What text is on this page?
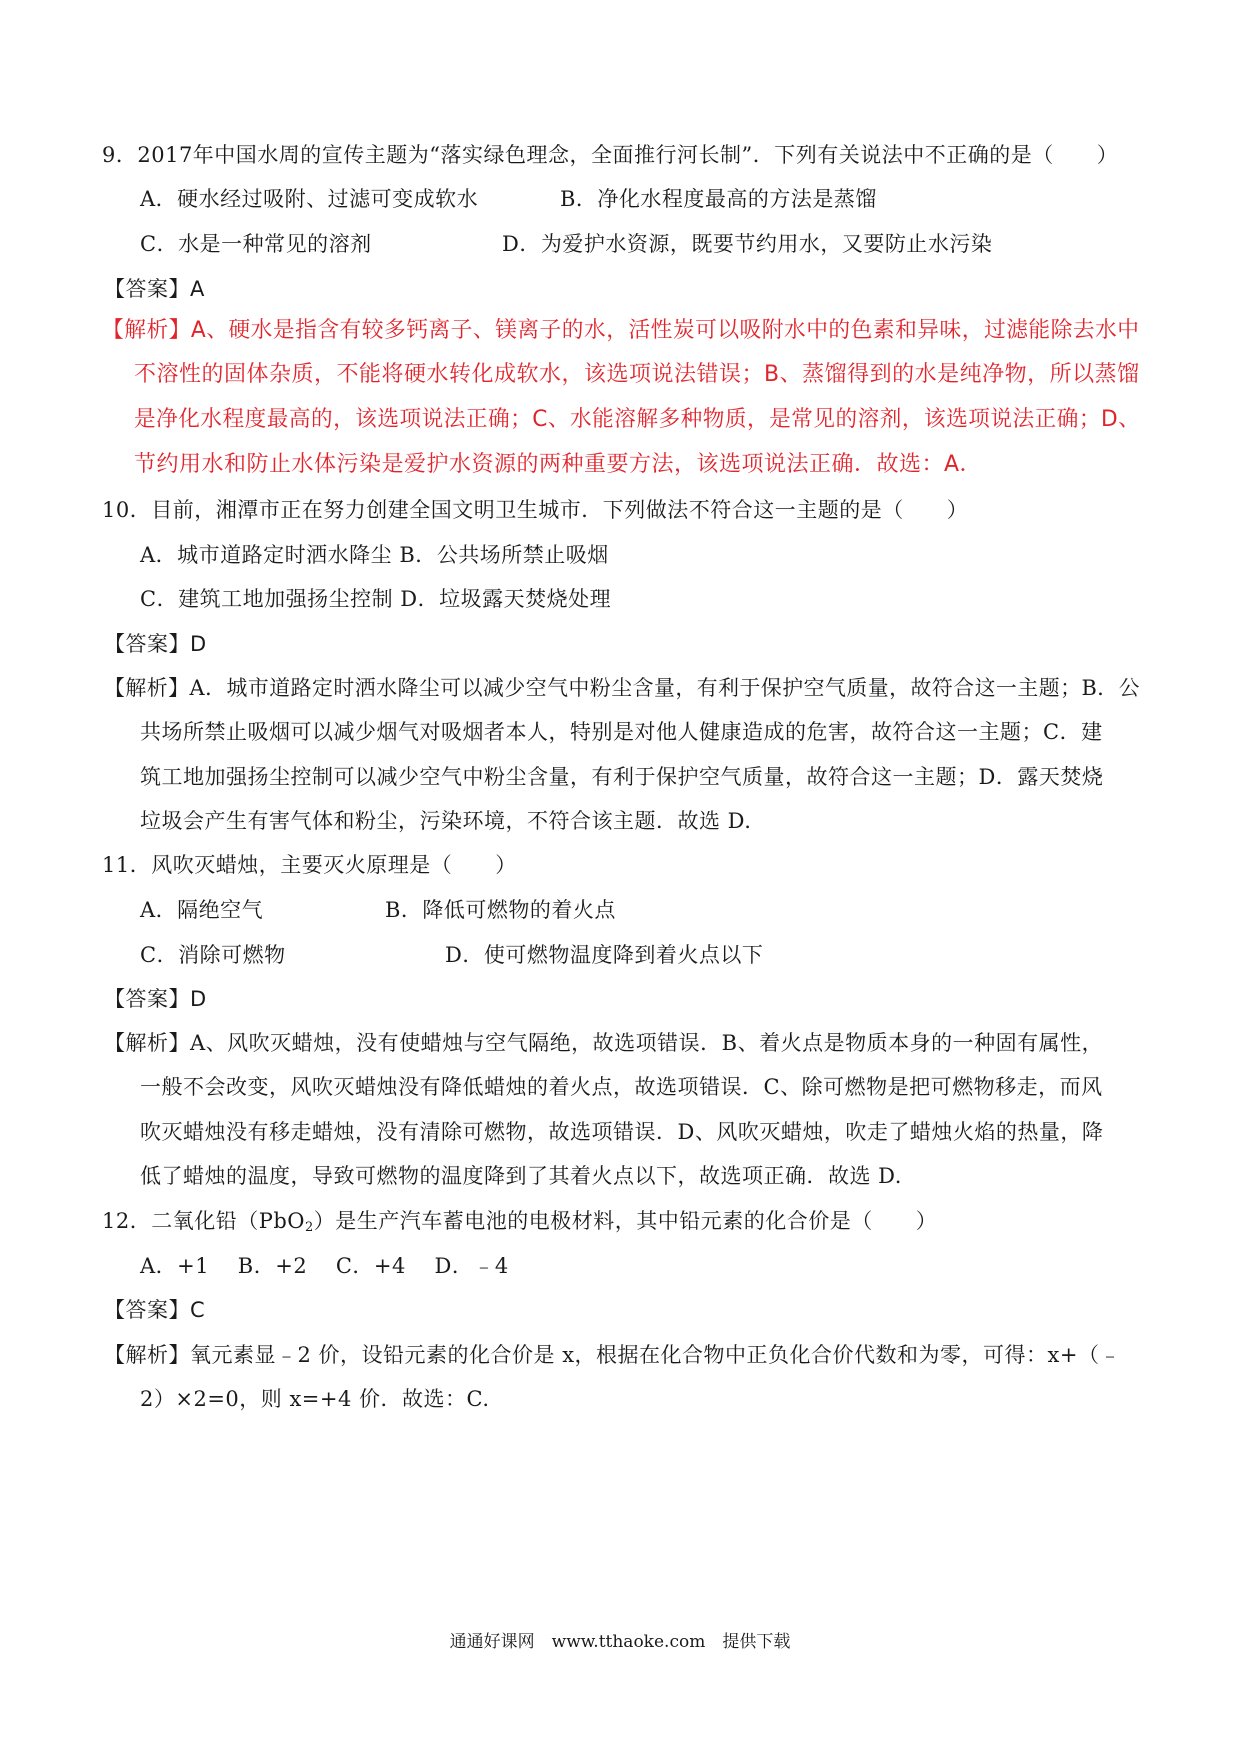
9．2017年中国水周的宣传主题为“落实绿色理念，全面推行河长制”．下列有关说法中不正确的是（　　）
A．硬水经过吸附、过滤可变成软水	B．净化水程度最高的方法是蒸馏
C．水是一种常见的溶剂	D．为爱护水资源，既要节约用水，又要防止水污染
【答案】A
【解析】A、硬水是指含有较多钙离子、镁离子的水，活性炭可以吸附水中的色素和异味，过滤能除去水中
不溶性的固体杂质，不能将硬水转化成软水，该选项说法错误；B、蒸馏得到的水是纯净物，所以蒸馏
是净化水程度最高的，该选项说法正确；C、水能溶解多种物质，是常见的溶剂，该选项说法正确；D、
节约用水和防止水体污染是爱护水资源的两种重要方法，该选项说法正确．故选：A．
10．目前，湘潭市正在努力创建全国文明卫生城市．下列做法不符合这一主题的是（　　）
A．城市道路定时洒水降尘 B．公共场所禁止吸烟
C．建筑工地加强扬尘控制 D．垃圾露天焚烧处理
【答案】D
【解析】A．城市道路定时洒水降尘可以减少空气中粉尘含量，有利于保护空气质量，故符合这一主题；B．公
共场所禁止吸烟可以减少烟气对吸烟者本人，特别是对他人健康造成的危害，故符合这一主题；C．建
筑工地加强扬尘控制可以减少空气中粉尘含量，有利于保护空气质量，故符合这一主题；D．露天焚烧
垃圾会产生有害气体和粉尘，污染环境，不符合该主题．故选 D.
11．风吹灭蜡烛，主要灭火原理是（　　）
A．隔绝空气	B．降低可燃物的着火点
C．消除可燃物	D．使可燃物温度降到着火点以下
【答案】D
【解析】A、风吹灭蜡烛，没有使蜡烛与空气隔绝，故选项错误．B、着火点是物质本身的一种固有属性，
一般不会改变，风吹灭蜡烛没有降低蜡烛的着火点，故选项错误．C、除可燃物是把可燃物移走，而风
吹灭蜡烛没有移走蜡烛，没有清除可燃物，故选项错误．D、风吹灭蜡烛，吹走了蜡烛火焰的热量，降
低了蜡烛的温度，导致可燃物的温度降到了其着火点以下，故选项正确．故选 D.
12．二氧化铅（PbO$_2$）是生产汽车蓄电池的电极材料，其中铅元素的化合价是（　　）
A．+1　 B．+2　 C．+4　 D．﹣4
【答案】C
【解析】氧元素显﹣2 价，设铅元素的化合价是 x，根据在化合物中正负化合价代数和为零，可得：x+（﹣
2）×2=0，则 x=+4 价．故选：C.
通通好课网　www.tthaoke.com　提供下载
